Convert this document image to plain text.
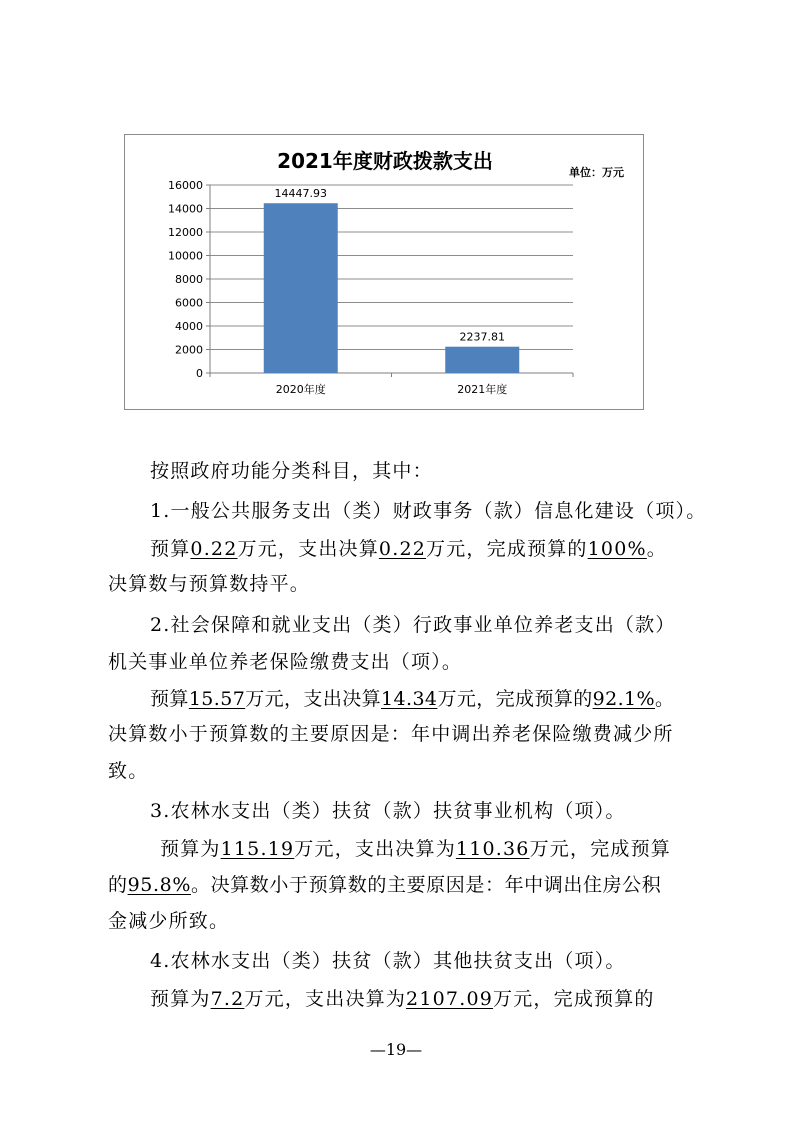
2021年度财政拨款支出	单位：万元
0
2000
4000
6000
8000
10000
12000
14000
16000
14447.93
2020年度
2237.81
2021年度
按照政府功能分类科目，其中：
1.一般公共服务支出（类）财政事务（款）信息化建设（项）。
预算0.22万元，支出决算0.22万元，完成预算的100%。
决算数与预算数持平。
2.社会保障和就业支出（类）行政事业单位养老支出（款）
机关事业单位养老保险缴费支出（项）。
预算15.57万元，支出决算14.34万元，完成预算的92.1%。
决算数小于预算数的主要原因是：年中调出养老保险缴费减少所
致。
3.农林水支出（类）扶贫（款）扶贫事业机构（项）。
预算为115.19万元，支出决算为110.36万元，完成预算
的95.8%。决算数小于预算数的主要原因是：年中调出住房公积
金减少所致。
4.农林水支出（类）扶贫（款）其他扶贫支出（项）。
预算为7.2万元，支出决算为2107.09万元，完成预算的
—19—
